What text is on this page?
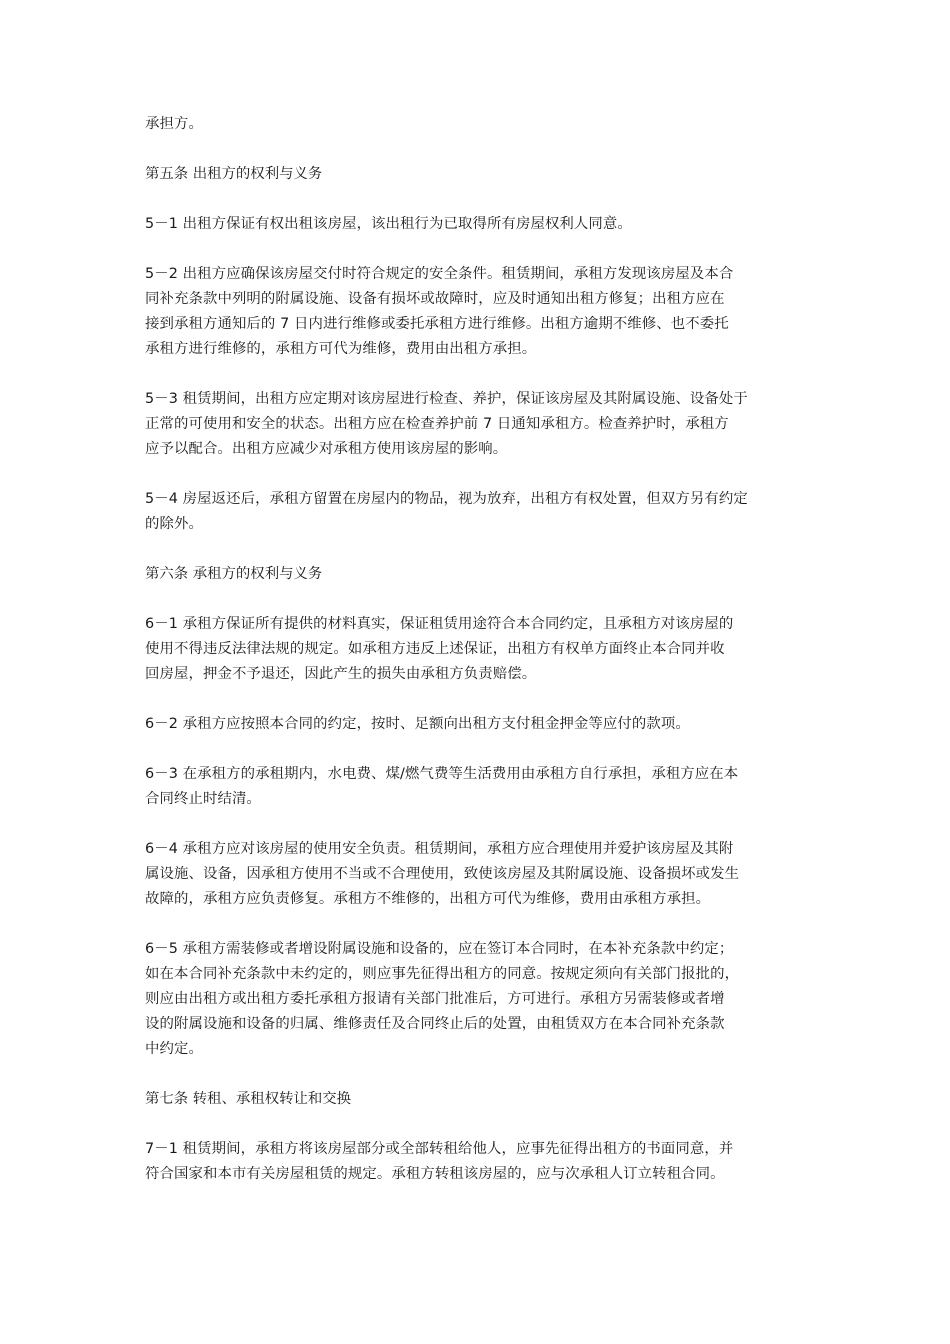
承担方。
第五条 出租方的权利与义务
5－1 出租方保证有权出租该房屋，该出租行为已取得所有房屋权利人同意。
5－2 出租方应确保该房屋交付时符合规定的安全条件。租赁期间，承租方发现该房屋及本合
同补充条款中列明的附属设施、设备有损坏或故障时，应及时通知出租方修复；出租方应在
接到承租方通知后的 7 日内进行维修或委托承租方进行维修。出租方逾期不维修、也不委托
承租方进行维修的，承租方可代为维修，费用由出租方承担。
5－3 租赁期间，出租方应定期对该房屋进行检查、养护，保证该房屋及其附属设施、设备处于
正常的可使用和安全的状态。出租方应在检查养护前 7 日通知承租方。检查养护时，承租方
应予以配合。出租方应减少对承租方使用该房屋的影响。
5－4 房屋返还后，承租方留置在房屋内的物品，视为放弃，出租方有权处置，但双方另有约定
的除外。
第六条 承租方的权利与义务
6－1 承租方保证所有提供的材料真实，保证租赁用途符合本合同约定，且承租方对该房屋的
使用不得违反法律法规的规定。如承租方违反上述保证，出租方有权单方面终止本合同并收
回房屋，押金不予退还，因此产生的损失由承租方负责赔偿。
6－2 承租方应按照本合同的约定，按时、足额向出租方支付租金押金等应付的款项。
6－3 在承租方的承租期内，水电费、煤/燃气费等生活费用由承租方自行承担，承租方应在本
合同终止时结清。
6－4 承租方应对该房屋的使用安全负责。租赁期间，承租方应合理使用并爱护该房屋及其附
属设施、设备，因承租方使用不当或不合理使用，致使该房屋及其附属设施、设备损坏或发生
故障的，承租方应负责修复。承租方不维修的，出租方可代为维修，费用由承租方承担。
6－5 承租方需装修或者增设附属设施和设备的，应在签订本合同时，在本补充条款中约定；
如在本合同补充条款中未约定的，则应事先征得出租方的同意。按规定须向有关部门报批的，
则应由出租方或出租方委托承租方报请有关部门批准后，方可进行。承租方另需装修或者增
设的附属设施和设备的归属、维修责任及合同终止后的处置，由租赁双方在本合同补充条款
中约定。
第七条 转租、承租权转让和交换
7－1 租赁期间，承租方将该房屋部分或全部转租给他人，应事先征得出租方的书面同意，并
符合国家和本市有关房屋租赁的规定。承租方转租该房屋的，应与次承租人订立转租合同。
